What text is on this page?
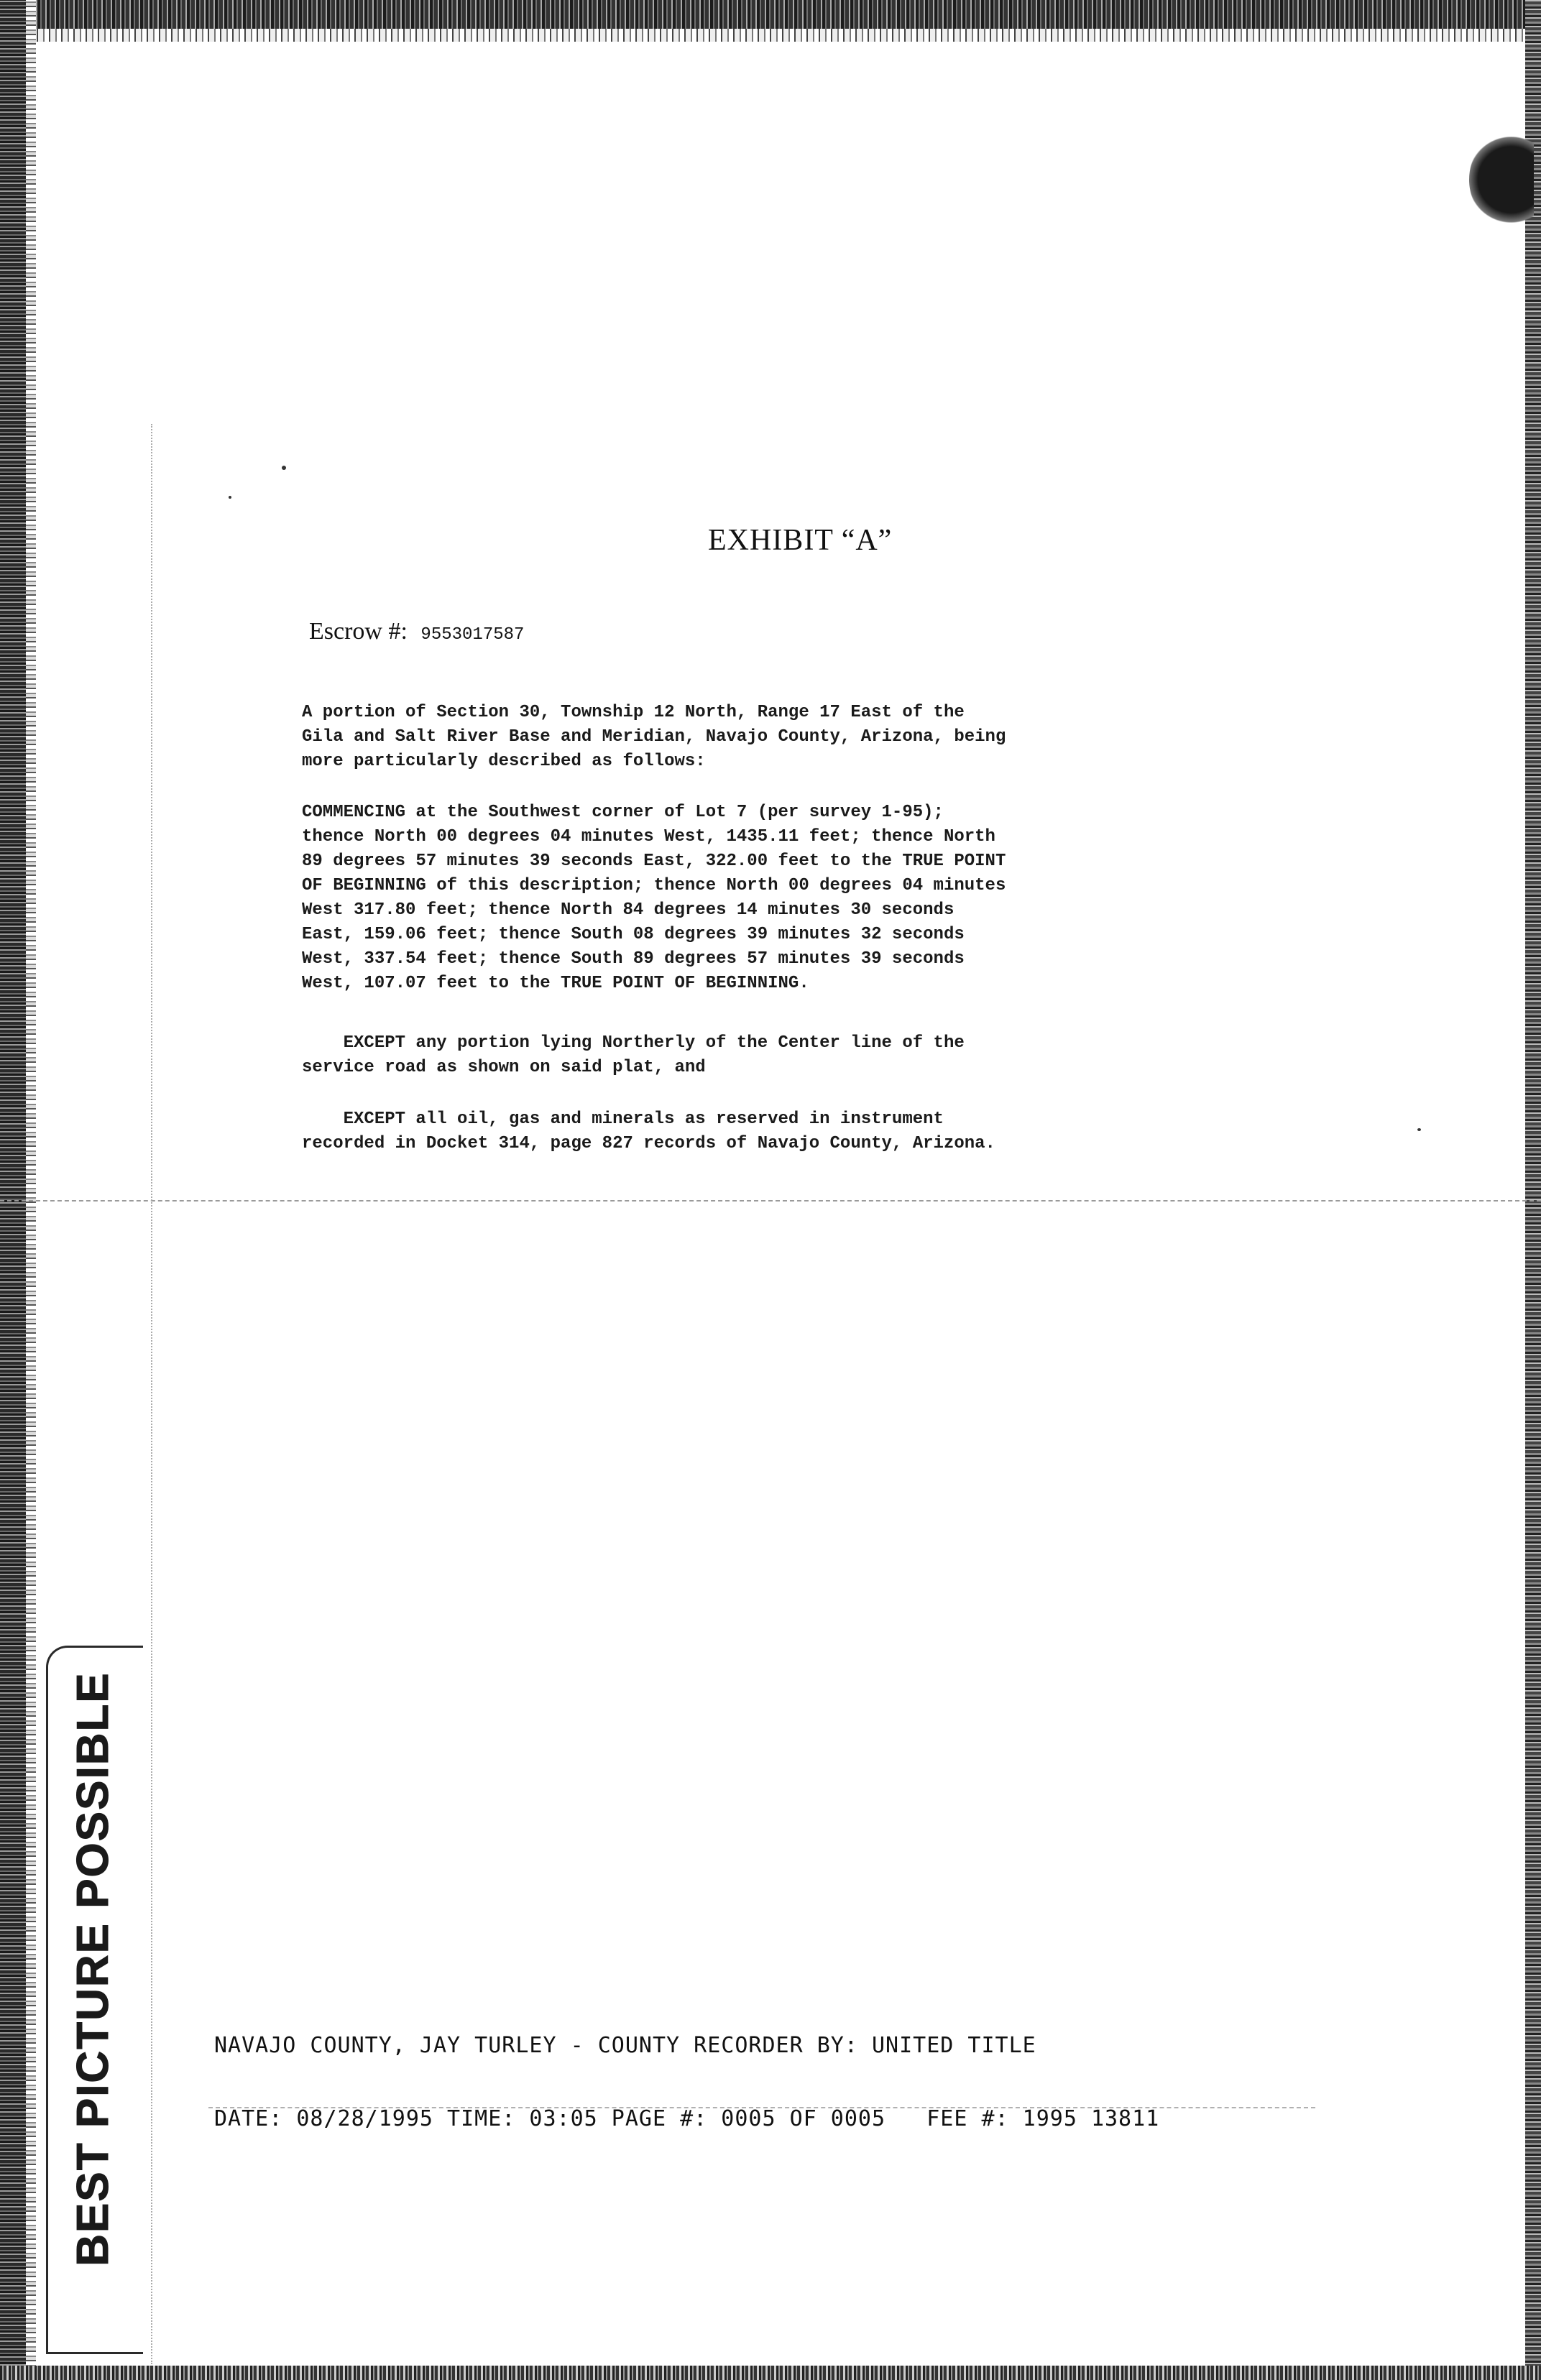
EXHIBIT “A”
Escrow #: 9553017587
A portion of Section 30, Township 12 North, Range 17 East of the
Gila and Salt River Base and Meridian, Navajo County, Arizona, being
more particularly described as follows:
COMMENCING at the Southwest corner of Lot 7 (per survey 1-95);
thence North 00 degrees 04 minutes West, 1435.11 feet; thence North
89 degrees 57 minutes 39 seconds East, 322.00 feet to the TRUE POINT
OF BEGINNING of this description; thence North 00 degrees 04 minutes
West 317.80 feet; thence North 84 degrees 14 minutes 30 seconds
East, 159.06 feet; thence South 08 degrees 39 minutes 32 seconds
West, 337.54 feet; thence South 89 degrees 57 minutes 39 seconds
West, 107.07 feet to the TRUE POINT OF BEGINNING.
EXCEPT any portion lying Northerly of the Center line of the
service road as shown on said plat, and
EXCEPT all oil, gas and minerals as reserved in instrument
recorded in Docket 314, page 827 records of Navajo County, Arizona.

NAVAJO COUNTY, JAY TURLEY - COUNTY RECORDER BY: UNITED TITLE

DATE: 08/28/1995 TIME: 03:05 PAGE #: 0005 OF 0005   FEE #: 1995 13811

BEST PICTURE POSSIBLE
